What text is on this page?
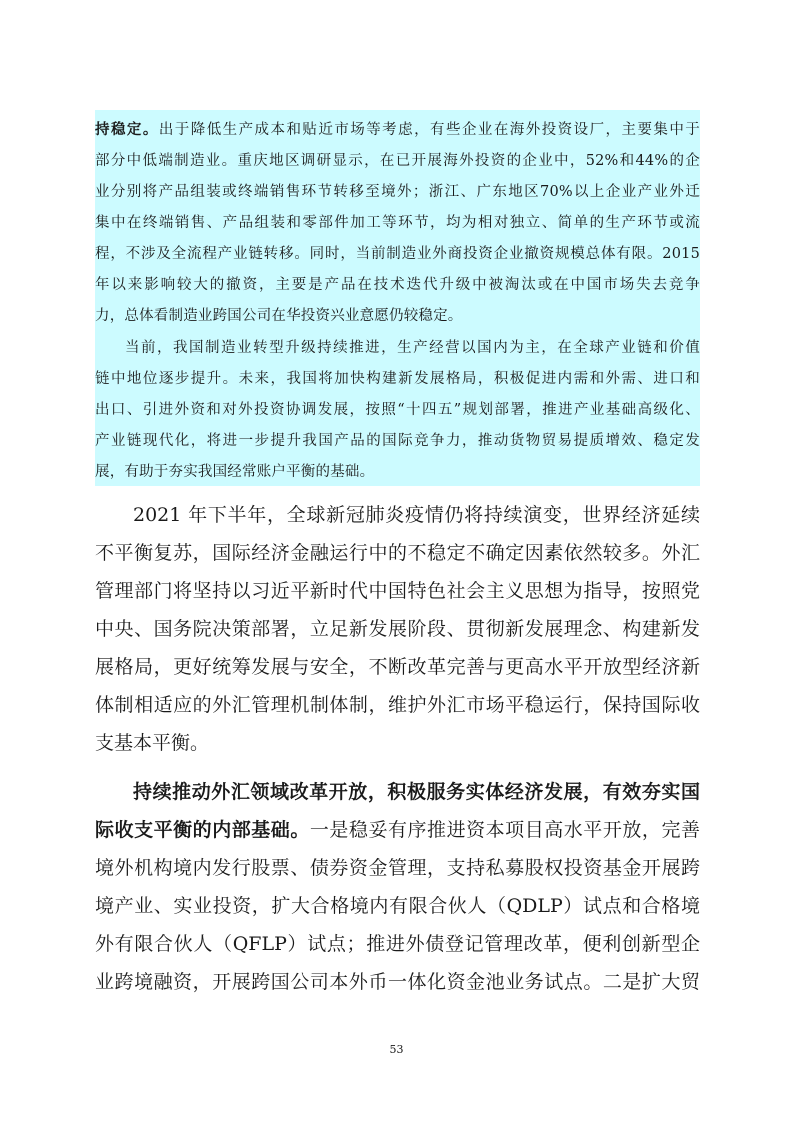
持稳定。出于降低生产成本和贴近市场等考虑，有些企业在海外投资设厂，主要集中于
部分中低端制造业。重庆地区调研显示，在已开展海外投资的企业中，52%和44%的企
业分别将产品组装或终端销售环节转移至境外；浙江、广东地区70%以上企业产业外迁
集中在终端销售、产品组装和零部件加工等环节，均为相对独立、简单的生产环节或流
程，不涉及全流程产业链转移。同时，当前制造业外商投资企业撤资规模总体有限。2015
年以来影响较大的撤资，主要是产品在技术迭代升级中被淘汰或在中国市场失去竞争
力，总体看制造业跨国公司在华投资兴业意愿仍较稳定。
当前，我国制造业转型升级持续推进，生产经营以国内为主，在全球产业链和价值
链中地位逐步提升。未来，我国将加快构建新发展格局，积极促进内需和外需、进口和
出口、引进外资和对外投资协调发展，按照“十四五”规划部署，推进产业基础高级化、
产业链现代化，将进一步提升我国产品的国际竞争力，推动货物贸易提质增效、稳定发
展，有助于夯实我国经常账户平衡的基础。
2021 年下半年，全球新冠肺炎疫情仍将持续演变，世界经济延续
不平衡复苏，国际经济金融运行中的不稳定不确定因素依然较多。外汇
管理部门将坚持以习近平新时代中国特色社会主义思想为指导，按照党
中央、国务院决策部署，立足新发展阶段、贯彻新发展理念、构建新发
展格局，更好统筹发展与安全，不断改革完善与更高水平开放型经济新
体制相适应的外汇管理机制体制，维护外汇市场平稳运行，保持国际收
支基本平衡。
持续推动外汇领域改革开放，积极服务实体经济发展，有效夯实国
际收支平衡的内部基础。一是稳妥有序推进资本项目高水平开放，完善
境外机构境内发行股票、债券资金管理，支持私募股权投资基金开展跨
境产业、实业投资，扩大合格境内有限合伙人（QDLP）试点和合格境
外有限合伙人（QFLP）试点；推进外债登记管理改革，便利创新型企
业跨境融资，开展跨国公司本外币一体化资金池业务试点。二是扩大贸
53
